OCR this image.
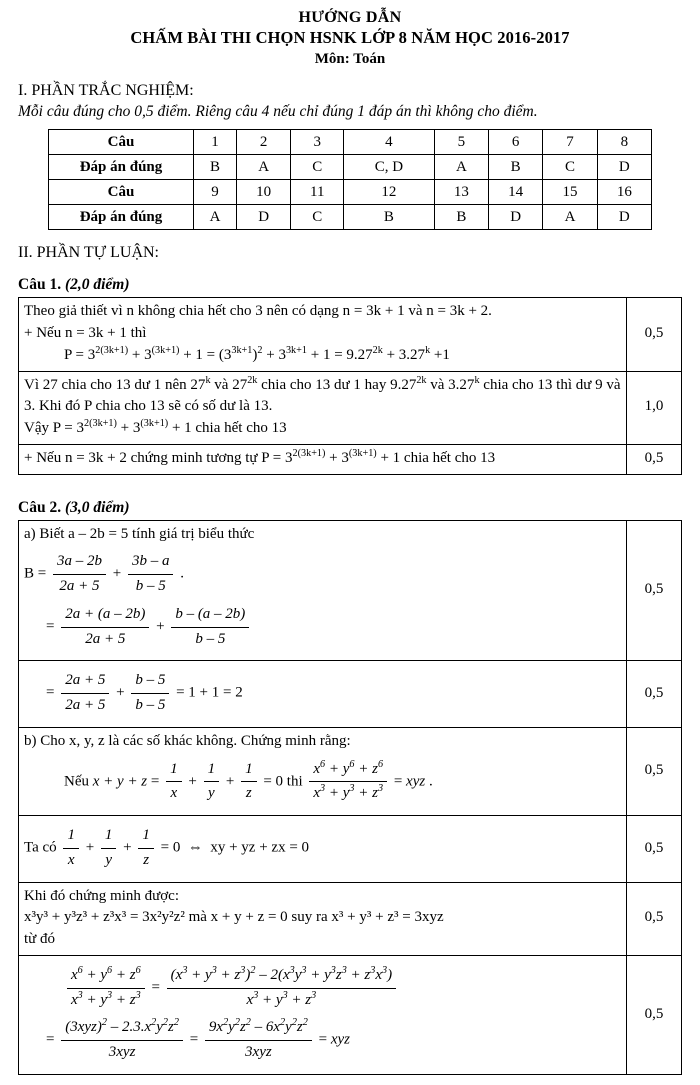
HƯỚNG DẪN
CHẤM BÀI THI CHỌN HSNK LỚP 8 NĂM HỌC 2016-2017
Môn: Toán
I. PHẦN TRẮC NGHIỆM:
Mỗi câu đúng cho 0,5 điểm. Riêng câu 4 nếu chỉ đúng 1 đáp án thì không cho điểm.
Câu	1	2	3	4	5	6	7	8
Đáp án đúng	B	A	C	C, D	A	B	C	D
Câu	9	10	11	12	13	14	15	16
Đáp án đúng	A	D	C	B	B	D	A	D
II. PHẦN TỰ LUẬN:
Câu 1. (2,0 điểm)
Theo giả thiết vì n không chia hết cho 3 nên có dạng n = 3k + 1 và n = 3k + 2.
+ Nếu n = 3k + 1 thì
$P = 3^{2(3k+1)} + 3^{(3k+1)} + 1 = (3^{3k+1})^2 + 3^{3k+1} + 1 = 9.27^{2k} + 3.27^k +1$	0,5

Vì 27 chia cho 13 dư 1 nên 27$^k$ và $27^{2k}$ chia cho 13 dư 1 hay $9.27^{2k}$ và 3.27$^k$ chia cho 13 thì dư 9 và 3. Khi đó P chia cho 13 sẽ có số dư là 13.
Vậy $P = 3^{2(3k+1)} + 3^{(3k+1)} + 1$ chia hết cho 13	1,0
+ Nếu n = 3k + 2 chứng minh tương tự $P = 3^{2(3k+1)} + 3^{(3k+1)} + 1$ chia hết cho 13	0,5
Câu 2. (3,0 điểm)
a) Biết a – 2b = 5 tính giá trị biểu thức
$B = \frac{3a - 2b}{2a + 5} + \frac{3b - a}{b - 5}$ .
= $\frac{2a + (a - 2b)}{2a + 5} + \frac{b - (a - 2b)}{b - 5}$
	0,5

= $\frac{2a + 5}{2a + 5} + \frac{b - 5}{b - 5} = 1 + 1 = 2$	0,5

b) Cho x, y, z là các số khác không. Chứng minh rằng:
Nếu $x + y + z = \frac{1}{x} + \frac{1}{y} + \frac{1}{z} = 0$ thi $\frac{x^6 + y^6 + z^6}{x^3 + y^3 + z^3}$ = xyz .
	0,5

Ta có $\frac{1}{x} + \frac{1}{y} + \frac{1}{z} = 0$  ⇔  xy + yz + zx = 0	0,5

Khi đó chứng minh được:
x³y³ + y³z³ + z³x³ = 3x²y²z² mà x + y + z = 0 suy ra x³ + y³ + z³ = 3xyz
từ đó	0,5

$\frac{x^6 + y^6 + z^6}{x^3 + y^3 + z^3} = \frac{(x^3 + y^3 + z^3)^2 - 2(x^3y^3 + y^3z^3 + z^3x^3)}{x^3 + y^3 + z^3}$
= $\frac{(3xyz)^2 - 2.3.x^2y^2z^2}{\text{3xyz}} = \frac{9x^2y^2z^2 - 6x^2y^2z^2}{\text{3xyz}}$ = xyz
	0,5
